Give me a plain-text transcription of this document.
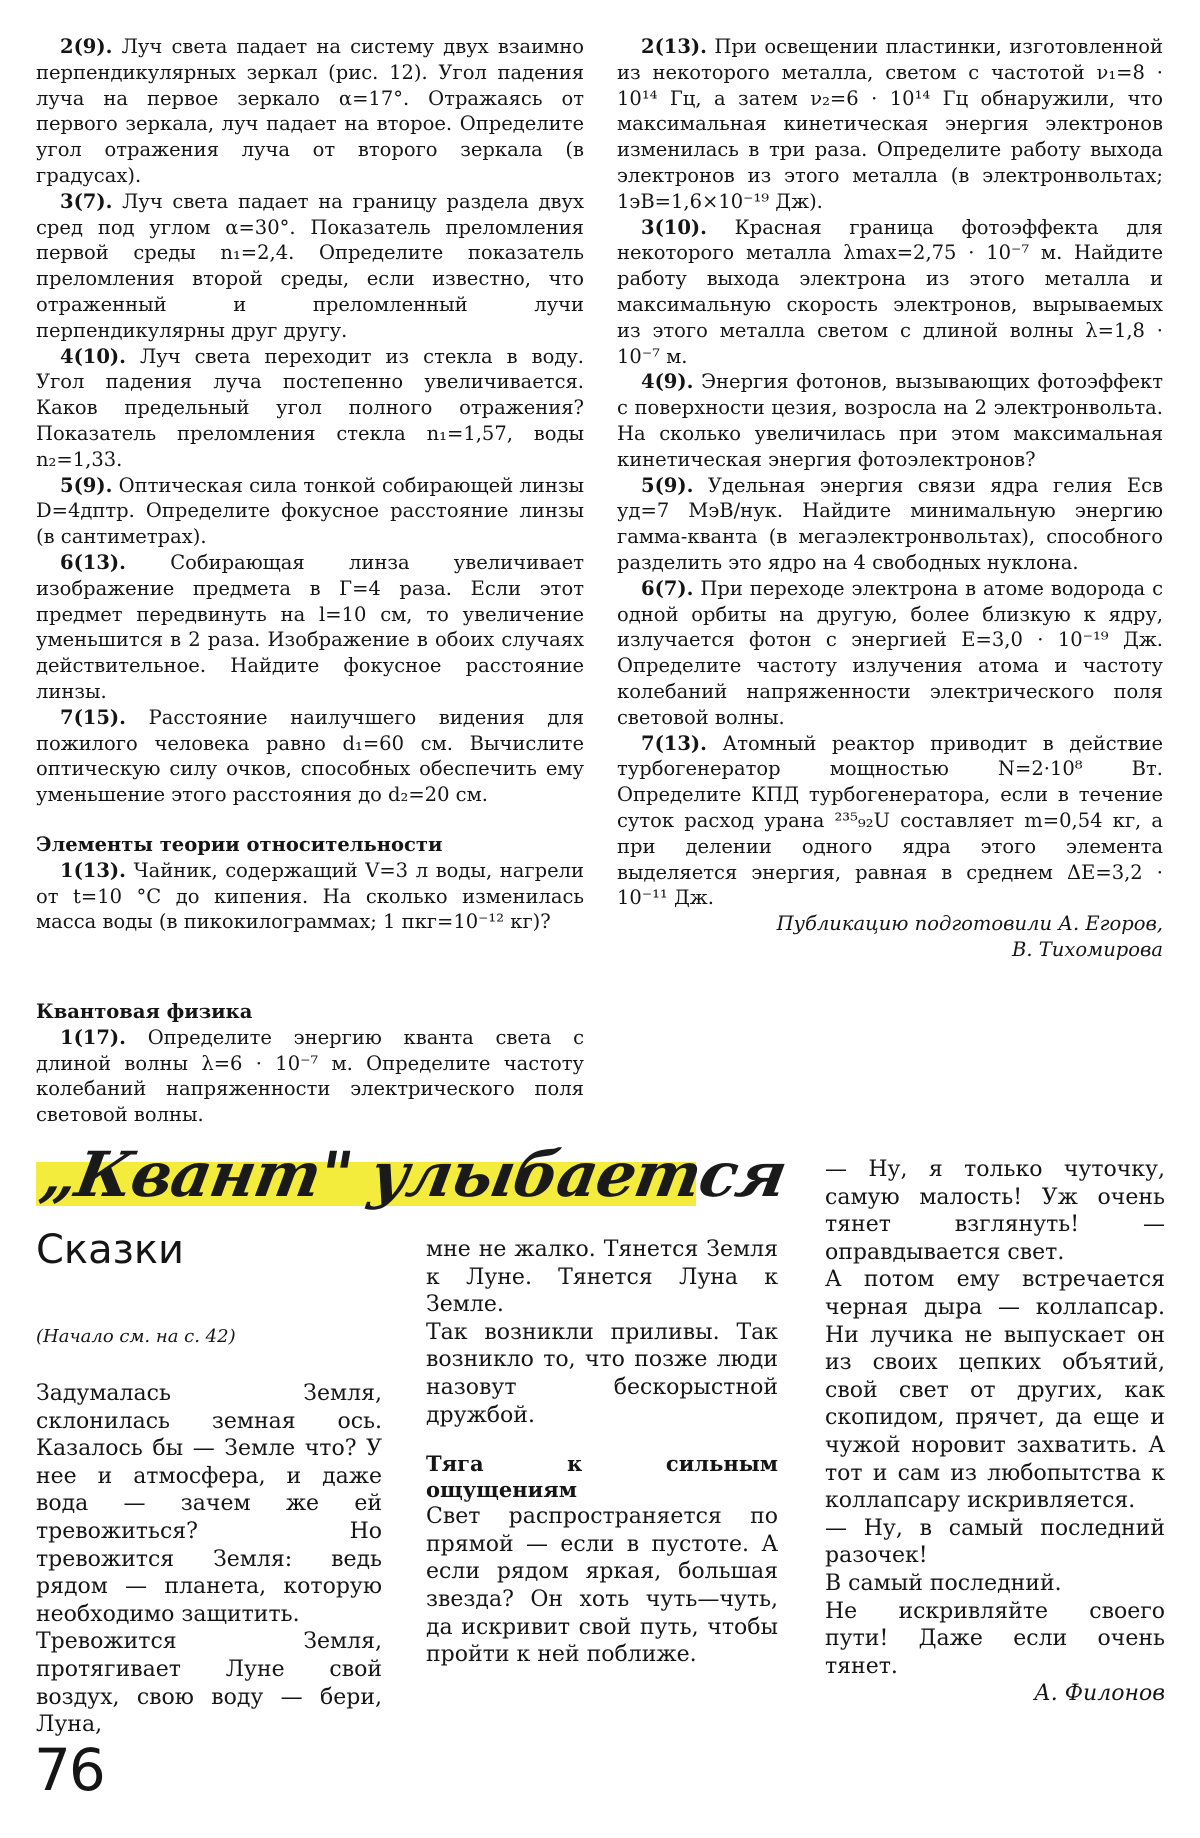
2(9). Луч света падает на систему двух взаимно перпендикулярных зеркал (рис. 12). Угол падения луча на первое зеркало α=17°. Отражаясь от первого зеркала, луч падает на второе. Определите угол отражения луча от второго зеркала (в градусах).

3(7). Луч света падает на границу раздела двух сред под углом α=30°. Показатель преломления первой среды n₁=2,4. Определите показатель преломления второй среды, если известно, что отраженный и преломленный лучи перпендикулярны друг другу.

4(10). Луч света переходит из стекла в воду. Угол падения луча постепенно увеличивается. Каков предельный угол полного отражения? Показатель преломления стекла n₁=1,57, воды n₂=1,33.

5(9). Оптическая сила тонкой собирающей линзы D=4дптр. Определите фокусное расстояние линзы (в сантиметрах).

6(13). Собирающая линза увеличивает изображение предмета в Г=4 раза. Если этот предмет передвинуть на l=10 см, то увеличение уменьшится в 2 раза. Изображение в обоих случаях действительное. Найдите фокусное расстояние линзы.

7(15). Расстояние наилучшего видения для пожилого человека равно d₁=60 см. Вычислите оптическую силу очков, способных обеспечить ему уменьшение этого расстояния до d₂=20 см.

Элементы теории относительности

1(13). Чайник, содержащий V=3 л воды, нагрели от t=10 °C до кипения. На сколько изменилась масса воды (в пикокилограммах; 1 пкг=10⁻¹² кг)?

Квантовая физика

1(17). Определите энергию кванта света с длиной волны λ=6 · 10⁻⁷ м. Определите частоту колебаний напряженности электрического поля световой волны.

2(13). При освещении пластинки, изготовленной из некоторого металла, светом с частотой ν₁=8 · 10¹⁴ Гц, а затем ν₂=6 · 10¹⁴ Гц обнаружили, что максимальная кинетическая энергия электронов изменилась в три раза. Определите работу выхода электронов из этого металла (в электронвольтах; 1эВ=1,6×10⁻¹⁹ Дж).

3(10). Красная граница фотоэффекта для некоторого металла λmax=2,75 · 10⁻⁷ м. Найдите работу выхода электрона из этого металла и максимальную скорость электронов, вырываемых из этого металла светом с длиной волны λ=1,8 · 10⁻⁷ м.

4(9). Энергия фотонов, вызывающих фотоэффект с поверхности цезия, возросла на 2 электронвольта. На сколько увеличилась при этом максимальная кинетическая энергия фотоэлектронов?

5(9). Удельная энергия связи ядра гелия Eсв уд=7 МэВ/нук. Найдите минимальную энергию гамма-кванта (в мегаэлектронвольтах), способного разделить это ядро на 4 свободных нуклона.

6(7). При переходе электрона в атоме водорода с одной орбиты на другую, более близкую к ядру, излучается фотон с энергией E=3,0 · 10⁻¹⁹ Дж. Определите частоту излучения атома и частоту колебаний напряженности электрического поля световой волны.

7(13). Атомный реактор приводит в действие турбогенератор мощностью N=2·10⁸ Вт. Определите КПД турбогенератора, если в течение суток расход урана ²³⁵₉₂U составляет m=0,54 кг, а при делении одного ядра этого элемента выделяется энергия, равная в среднем ΔE=3,2 · 10⁻¹¹ Дж.

Публикацию подготовили А. Егоров,

В. Тихомирова

„Квант" улыбается
Сказки
(Начало см. на с. 42)

Задумалась Земля, склонилась земная ось. Казалось бы — Земле что? У нее и атмосфера, и даже вода — зачем же ей тревожиться? Но тревожится Земля: ведь рядом — планета, которую необходимо защитить.

Тревожится Земля, протягивает Луне свой воздух, свою воду — бери, Луна,

мне не жалко. Тянется Земля к Луне. Тянется Луна к Земле.

Так возникли приливы. Так возникло то, что позже люди назовут бескорыстной дружбой.

Тяга к сильным ощущениям

Свет распространяется по прямой — если в пустоте. А если рядом яркая, большая звезда? Он хоть чуть—чуть, да искривит свой путь, чтобы пройти к ней поближе.

— Ну, я только чуточку, самую малость! Уж очень тянет взглянуть! — оправдывается свет.

А потом ему встречается черная дыра — коллапсар. Ни лучика не выпускает он из своих цепких объятий, свой свет от других, как скопидом, прячет, да еще и чужой норовит захватить. А тот и сам из любопытства к коллапсару искривляется.

— Ну, в самый последний разочек!

В самый последний.

Не искривляйте своего пути! Даже если очень тянет.

А. Филонов

76
